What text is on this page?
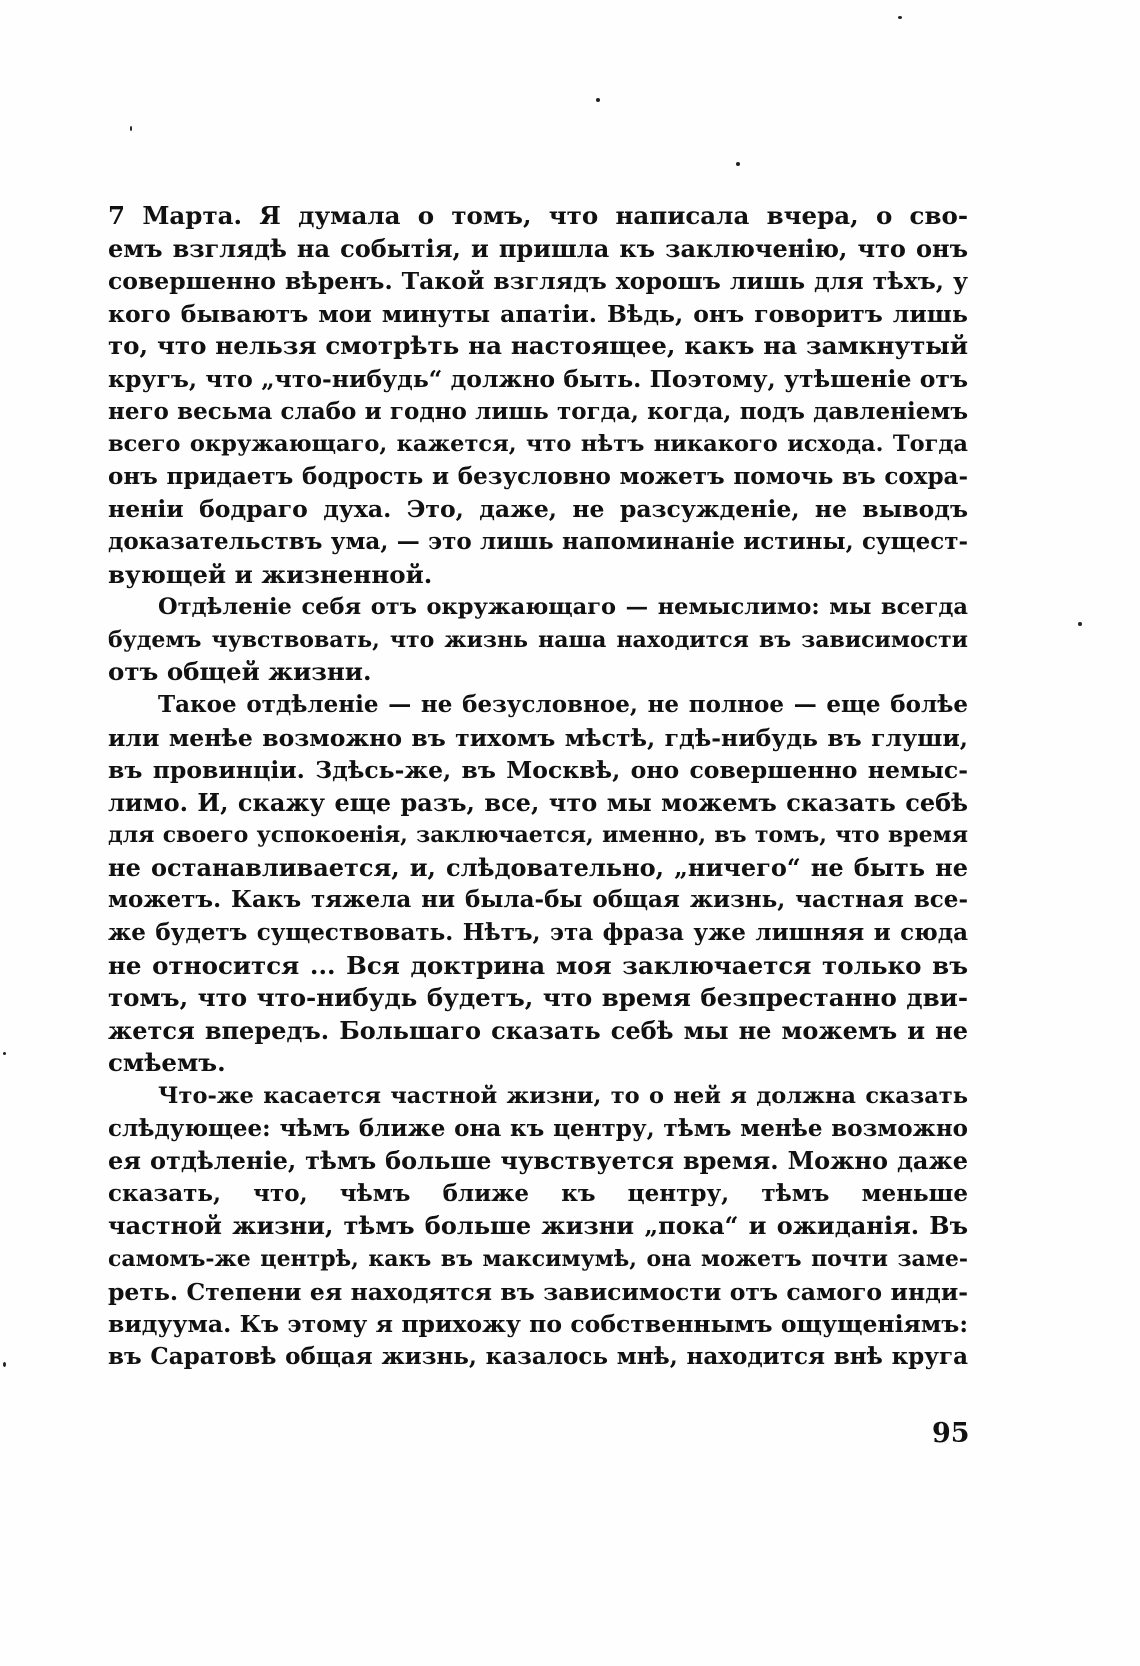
7 Марта. Я думала о томъ, что написала вчера, о сво-
емъ взглядѣ на событія, и пришла къ заключенію, что онъ
совершенно вѣренъ. Такой взглядъ хорошъ лишь для тѣхъ, у
кого бываютъ мои минуты апатіи. Вѣдь, онъ говоритъ лишь
то, что нельзя смотрѣть на настоящее, какъ на замкнутый
кругъ, что „что-нибудь“ должно быть. Поэтому, утѣшеніе отъ
него весьма слабо и годно лишь тогда, когда, подъ давленіемъ
всего окружающаго, кажется, что нѣтъ никакого исхода. Тогда
онъ придаетъ бодрость и безусловно можетъ помочь въ сохра-
неніи бодраго духа. Это, даже, не разсужденіе, не выводъ
доказательствъ ума, — это лишь напоминаніе истины, сущест-
вующей и жизненной.
Отдѣленіе себя отъ окружающаго — немыслимо: мы всегда
будемъ чувствовать, что жизнь наша находится въ зависимости
отъ общей жизни.
Такое отдѣленіе — не безусловное, не полное — еще болѣе
или менѣе возможно въ тихомъ мѣстѣ, гдѣ-нибудь въ глуши,
въ провинціи. Здѣсь-же, въ Москвѣ, оно совершенно немыс-
лимо. И, скажу еще разъ, все, что мы можемъ сказать себѣ
для своего успокоенія, заключается, именно, въ томъ, что время
не останавливается, и, слѣдовательно, „ничего“ не быть не
можетъ. Какъ тяжела ни была-бы общая жизнь, частная все-
же будетъ существовать. Нѣтъ, эта фраза уже лишняя и сюда
не относится ... Вся доктрина моя заключается только въ
томъ, что что-нибудь будетъ, что время безпрестанно дви-
жется впередъ. Большаго сказать себѣ мы не можемъ и не
смѣемъ.
Что-же касается частной жизни, то о ней я должна сказать
слѣдующее: чѣмъ ближе она къ центру, тѣмъ менѣе возможно
ея отдѣленіе, тѣмъ больше чувствуется время. Можно даже
сказать, что, чѣмъ ближе къ центру, тѣмъ меньше
частной жизни, тѣмъ больше жизни „пока“ и ожиданія. Въ
самомъ-же центрѣ, какъ въ максимумѣ, она можетъ почти заме-
реть. Степени ея находятся въ зависимости отъ самого инди-
видуума. Къ этому я прихожу по собственнымъ ощущеніямъ:
въ Саратовѣ общая жизнь, казалось мнѣ, находится внѣ круга
95
